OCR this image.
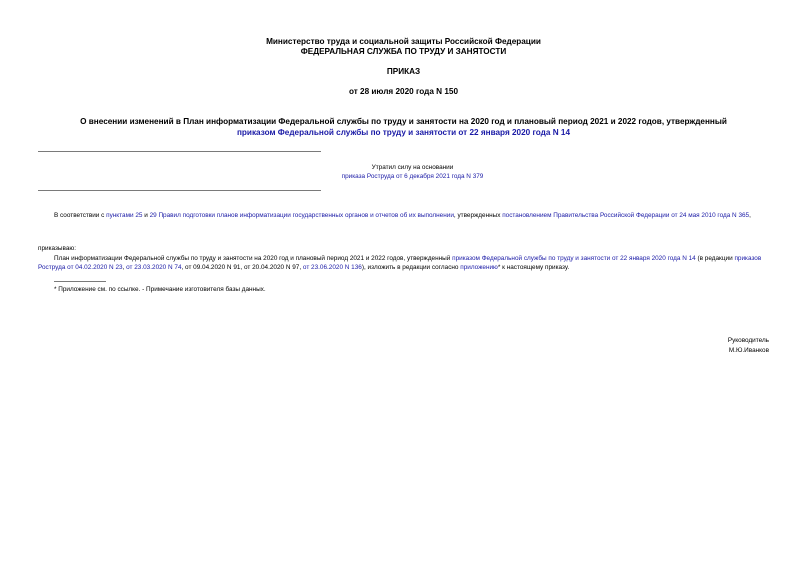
Министерство труда и социальной защиты Российской Федерации
ФЕДЕРАЛЬНАЯ СЛУЖБА ПО ТРУДУ И ЗАНЯТОСТИ
ПРИКАЗ
от 28 июля 2020 года N 150
О внесении изменений в План информатизации Федеральной службы по труду и занятости на 2020 год и плановый период 2021 и 2022 годов, утвержденный
приказом Федеральной службы по труду и занятости от 22 января 2020 года N 14
Утратил силу на основании
приказа Роструда от 6 декабря 2021 года N 379
В соответствии с пунктами 25 и 29 Правил подготовки планов информатизации государственных органов и отчетов об их выполнении, утвержденных постановлением Правительства Российской Федерации от 24 мая 2010 года N 365,
приказываю:
План информатизации Федеральной службы по труду и занятости на 2020 год и плановый период 2021 и 2022 годов, утвержденный приказом Федеральной службы по труду и занятости от 22 января 2020 года N 14 (в редакции приказов Роструда от 04.02.2020 N 23, от 23.03.2020 N 74, от 09.04.2020 N 91, от 20.04.2020 N 97, от 23.06.2020 N 136), изложить в редакции согласно приложению* к настоящему приказу.
* Приложение см. по ссылке. - Примечание изготовителя базы данных.
Руководитель
М.Ю.Иванков
